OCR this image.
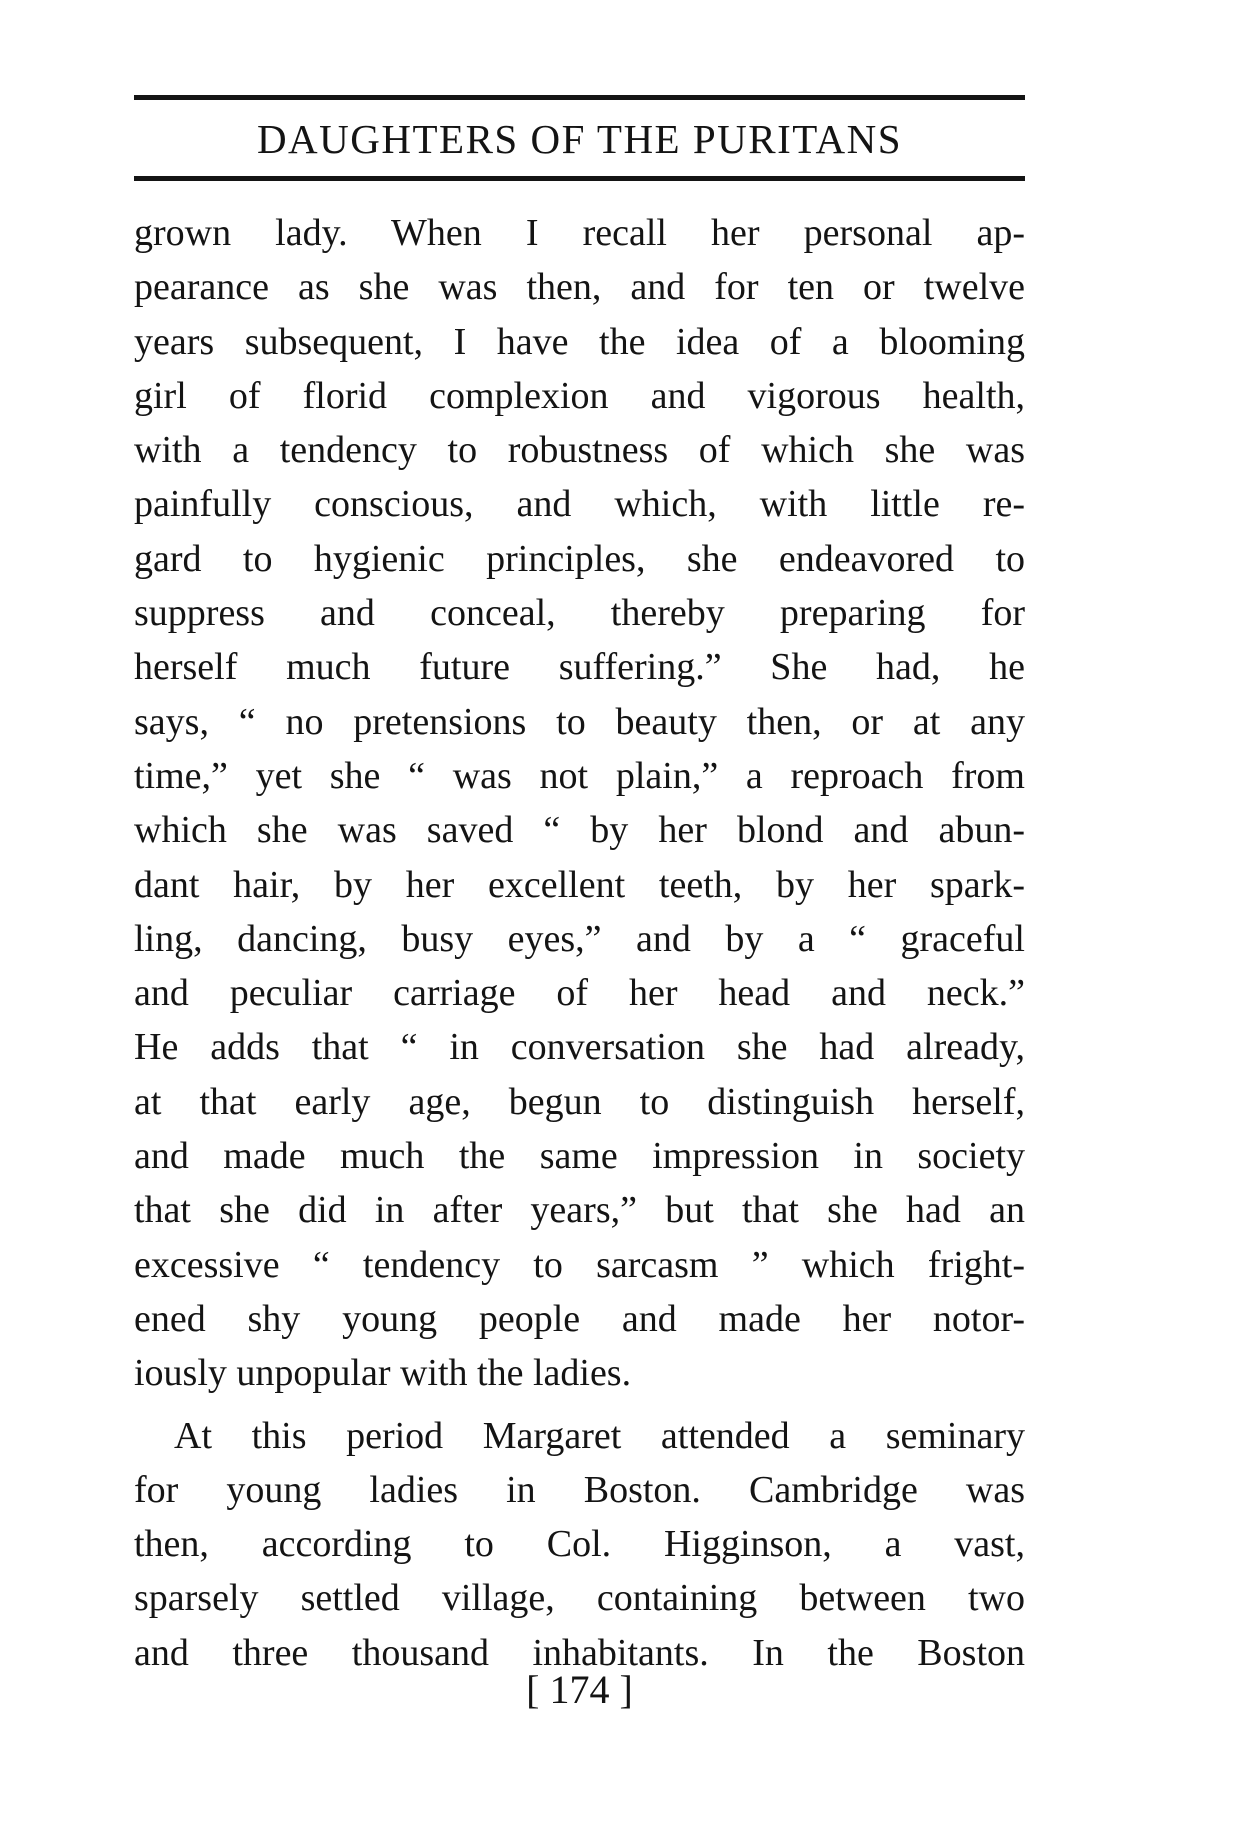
DAUGHTERS OF THE PURITANS
grown lady. When I recall her personal ap-
pearance as she was then, and for ten or twelve
years subsequent, I have the idea of a blooming
girl of florid complexion and vigorous health,
with a tendency to robustness of which she was
painfully conscious, and which, with little re-
gard to hygienic principles, she endeavored to
suppress and conceal, thereby preparing for
herself much future suffering.” She had, he
says, “ no pretensions to beauty then, or at any
time,” yet she “ was not plain,” a reproach from
which she was saved “ by her blond and abun-
dant hair, by her excellent teeth, by her spark-
ling, dancing, busy eyes,” and by a “ graceful
and peculiar carriage of her head and neck.”
He adds that “ in conversation she had already,
at that early age, begun to distinguish herself,
and made much the same impression in society
that she did in after years,” but that she had an
excessive “ tendency to sarcasm ” which fright-
ened shy young people and made her notor-
iously unpopular with the ladies.
At this period Margaret attended a seminary
for young ladies in Boston. Cambridge was
then, according to Col. Higginson, a vast,
sparsely settled village, containing between two
and three thousand inhabitants. In the Boston
[ 174 ]
